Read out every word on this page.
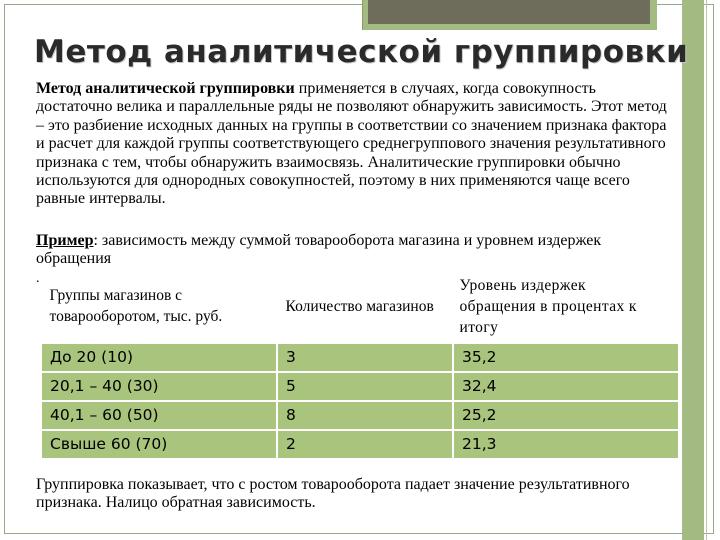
Метод аналитической группировки
Метод аналитической группировки применяется в случаях, когда совокупность достаточно велика и параллельные ряды не позволяют обнаружить зависимость. Этот метод – это разбиение исходных данных на группы в соответствии со значением признака фактора и расчет для каждой группы соответствующего среднегруппового значения результативного признака с тем, чтобы обнаружить взаимосвязь. Аналитические группировки обычно используются для однородных совокупностей, поэтому в них применяются чаще всего равные интервалы.
Пример: зависимость между суммой товарооборота магазина и уровнем издержек обращения
.
Группы магазинов с товарооборотом, тыс. руб.	Количество магазинов	Уровень издержек
обращения в процентах к
итогу

До 20 (10)	3	35,2
20,1 – 40 (30)	5	32,4
40,1 – 60 (50)	8	25,2
Свыше 60 (70)	2	21,3
Группировка показывает, что с ростом товарооборота падает значение результативного признака. Налицо обратная зависимость.
